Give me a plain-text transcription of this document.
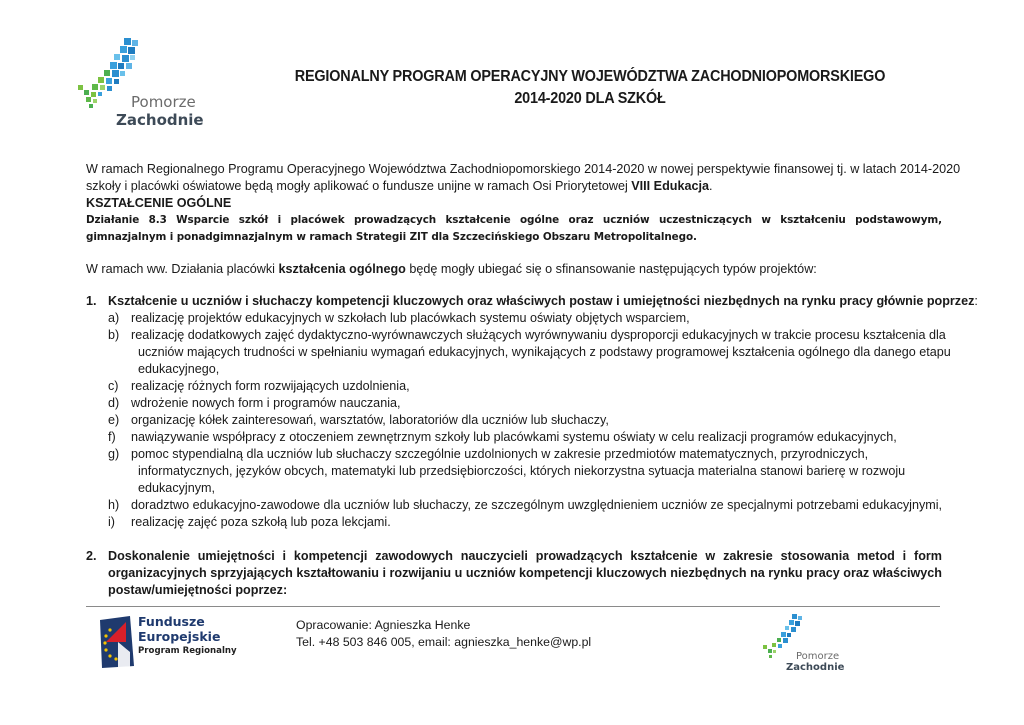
Pomorze
Zachodnie
REGIONALNY PROGRAM OPERACYJNY WOJEWÓDZTWA ZACHODNIOPOMORSKIEGO
2014-2020 DLA SZKÓŁ

W ramach Regionalnego Programu Operacyjnego Województwa Zachodniopomorskiego 2014-2020 w nowej perspektywie finansowej tj. w latach 2014-2020

szkoły i placówki oświatowe będą mogły aplikować o fundusze unijne w ramach Osi Priorytetowej VIII Edukacja.

KSZTAŁCENIE OGÓLNE

Działanie 8.3 Wsparcie szkół i placówek prowadzących kształcenie ogólne oraz uczniów uczestniczących w kształceniu podstawowym, gimnazjalnym i ponadgimnazjalnym w ramach Strategii ZIT dla Szczecińskiego Obszaru Metropolitalnego.

W ramach ww. Działania placówki kształcenia ogólnego będę mogły ubiegać się o sfinansowanie następujących typów projektów:

1. Kształcenie u uczniów i słuchaczy kompetencji kluczowych oraz właściwych postaw i umiejętności niezbędnych na rynku pracy głównie poprzez:

a) realizację projektów edukacyjnych w szkołach lub placówkach systemu oświaty objętych wsparciem,
b) realizację dodatkowych zajęć dydaktyczno-wyrównawczych służących wyrównywaniu dysproporcji edukacyjnych w trakcie procesu kształcenia dla
uczniów mających trudności w spełnianiu wymagań edukacyjnych, wynikających z podstawy programowej kształcenia ogólnego dla danego etapu
edukacyjnego,
c) realizację różnych form rozwijających uzdolnienia,
d) wdrożenie nowych form i programów nauczania,
e) organizację kółek zainteresowań, warsztatów, laboratoriów dla uczniów lub słuchaczy,
f) nawiązywanie współpracy z otoczeniem zewnętrznym szkoły lub placówkami systemu oświaty w celu realizacji programów edukacyjnych,
g) pomoc stypendialną dla uczniów lub słuchaczy szczególnie uzdolnionych w zakresie przedmiotów matematycznych, przyrodniczych,
informatycznych, języków obcych, matematyki lub przedsiębiorczości, których niekorzystna sytuacja materialna stanowi barierę w rozwoju
edukacyjnym,
h) doradztwo edukacyjno-zawodowe dla uczniów lub słuchaczy, ze szczególnym uwzględnieniem uczniów ze specjalnymi potrzebami edukacyjnymi,
i) realizację zajęć poza szkołą lub poza lekcjami.
2. Doskonalenie umiejętności i kompetencji zawodowych nauczycieli prowadzących kształcenie w zakresie stosowania metod i form organizacyjnych sprzyjających kształtowaniu i rozwijaniu u uczniów kompetencji kluczowych niezbędnych na rynku pracy oraz właściwych postaw/umiejętności poprzez:

Fundusze
Europejskie
Program Regionalny
Opracowanie: Agnieszka Henke
Tel. +48 503 846 005, email: agnieszka_henke@wp.pl
Pomorze
Zachodnie
